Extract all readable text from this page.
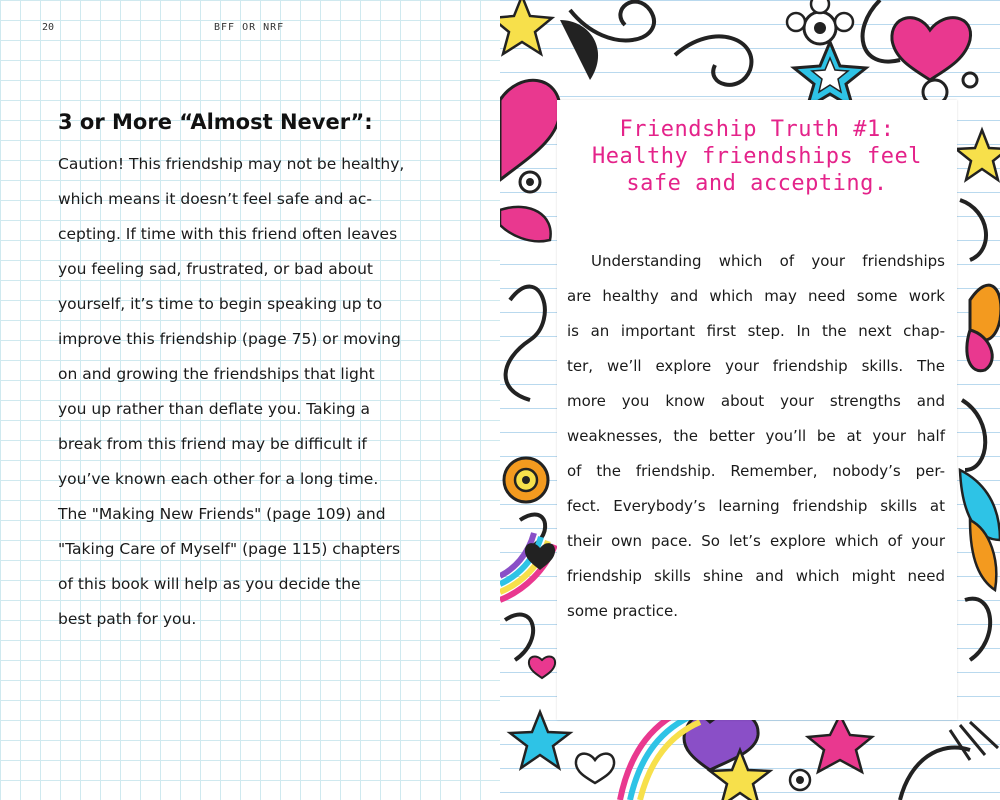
20	BFF OR NRF
3 or More “Almost Never”:
Caution! This friendship may not be healthy,
which means it doesn’t feel safe and ac-
cepting. If time with this friend often leaves
you feeling sad, frustrated, or bad about
yourself, it’s time to begin speaking up to
improve this friendship (page 75) or moving
on and growing the friendships that light
you up rather than deflate you. Taking a
break from this friend may be difficult if
you’ve known each other for a long time.
The "Making New Friends" (page 109) and
"Taking Care of Myself" (page 115) chapters
of this book will help as you decide the
best path for you.
Friendship Truth #1:
Healthy friendships feel
safe and accepting.
Understanding which of your friendships
are healthy and which may need some work
is an important first step. In the next chap-
ter, we’ll explore your friendship skills. The
more you know about your strengths and
weaknesses, the better you’ll be at your half
of the friendship. Remember, nobody’s per-
fect. Everybody’s learning friendship skills at
their own pace. So let’s explore which of your
friendship skills shine and which might need
some practice.
